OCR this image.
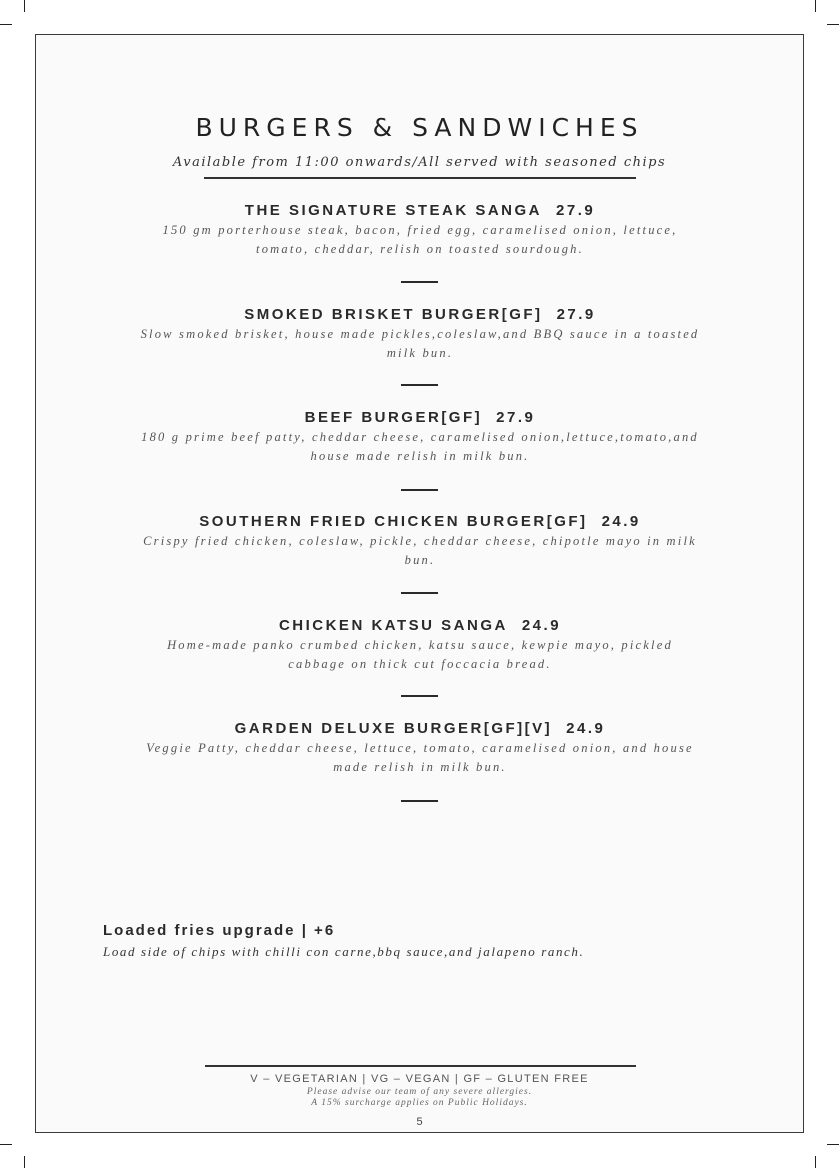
BURGERS & SANDWICHES
Available from 11:00 onwards/All served with seasoned chips
THE SIGNATURE STEAK SANGA 27.9
150 gm porterhouse steak, bacon, fried egg, caramelised onion, lettuce, tomato, cheddar, relish on toasted sourdough.
SMOKED BRISKET BURGER[GF] 27.9
Slow smoked brisket, house made pickles,coleslaw,and BBQ sauce in a toasted milk bun.
BEEF BURGER[GF] 27.9
180 g prime beef patty, cheddar cheese, caramelised onion,lettuce,tomato,and house made relish in milk bun.
SOUTHERN FRIED CHICKEN BURGER[GF] 24.9
Crispy fried chicken, coleslaw, pickle, cheddar cheese, chipotle mayo in milk bun.
CHICKEN KATSU SANGA 24.9
Home-made panko crumbed chicken, katsu sauce, kewpie mayo, pickled cabbage on thick cut foccacia bread.
GARDEN DELUXE BURGER[GF][V] 24.9
Veggie Patty, cheddar cheese, lettuce, tomato, caramelised onion, and house made relish in milk bun.
Loaded fries upgrade | +6
Load side of chips with chilli con carne,bbq sauce,and jalapeno ranch.
V – VEGETARIAN | VG – VEGAN | GF – GLUTEN FREE
Please advise our team of any severe allergies.
A 15% surcharge applies on Public Holidays.
5
